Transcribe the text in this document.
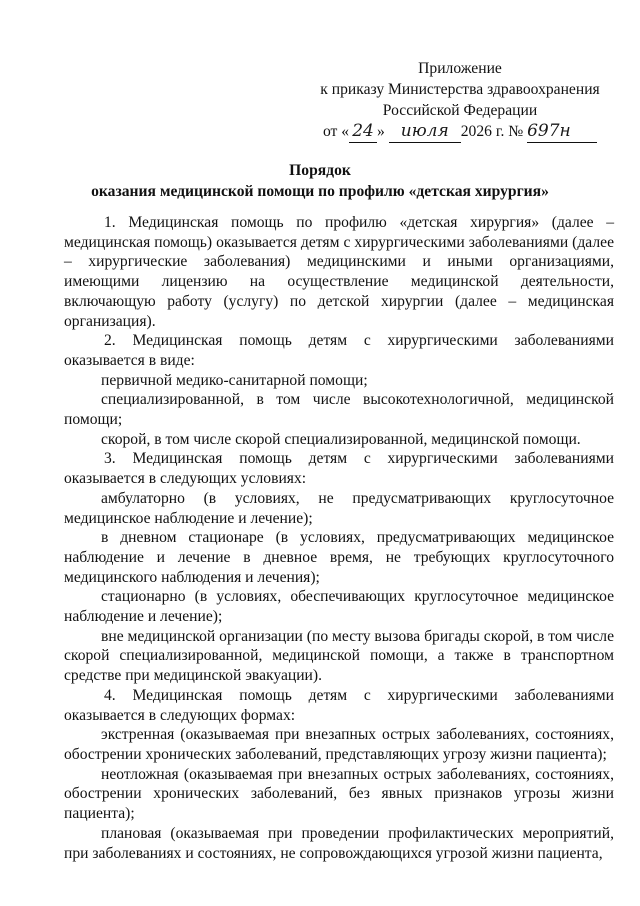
Приложение
к приказу Министерства здравоохранения
Российской Федерации
от « 24 » июля 2026 г. № 697н
Порядок
оказания медицинской помощи по профилю «детская хирургия»

1. Медицинская помощь по профилю «детская хирургия» (далее – медицинская помощь) оказывается детям с хирургическими заболеваниями (далее – хирургические заболевания) медицинскими и иными организациями, имеющими лицензию на осуществление медицинской деятельности, включающую работу (услугу) по детской хирургии (далее – медицинская организация).

2. Медицинская помощь детям с хирургическими заболеваниями оказывается в виде:

первичной медико-санитарной помощи;

специализированной, в том числе высокотехнологичной, медицинской помощи;

скорой, в том числе скорой специализированной, медицинской помощи.

3. Медицинская помощь детям с хирургическими заболеваниями оказывается в следующих условиях:

амбулаторно (в условиях, не предусматривающих круглосуточное медицинское наблюдение и лечение);

в дневном стационаре (в условиях, предусматривающих медицинское наблюдение и лечение в дневное время, не требующих круглосуточного медицинского наблюдения и лечения);

стационарно (в условиях, обеспечивающих круглосуточное медицинское наблюдение и лечение);

вне медицинской организации (по месту вызова бригады скорой, в том числе скорой специализированной, медицинской помощи, а также в транспортном средстве при медицинской эвакуации).

4. Медицинская помощь детям с хирургическими заболеваниями оказывается в следующих формах:

экстренная (оказываемая при внезапных острых заболеваниях, состояниях, обострении хронических заболеваний, представляющих угрозу жизни пациента);

неотложная (оказываемая при внезапных острых заболеваниях, состояниях, обострении хронических заболеваний, без явных признаков угрозы жизни пациента);

плановая (оказываемая при проведении профилактических мероприятий, при заболеваниях и состояниях, не сопровождающихся угрозой жизни пациента,
